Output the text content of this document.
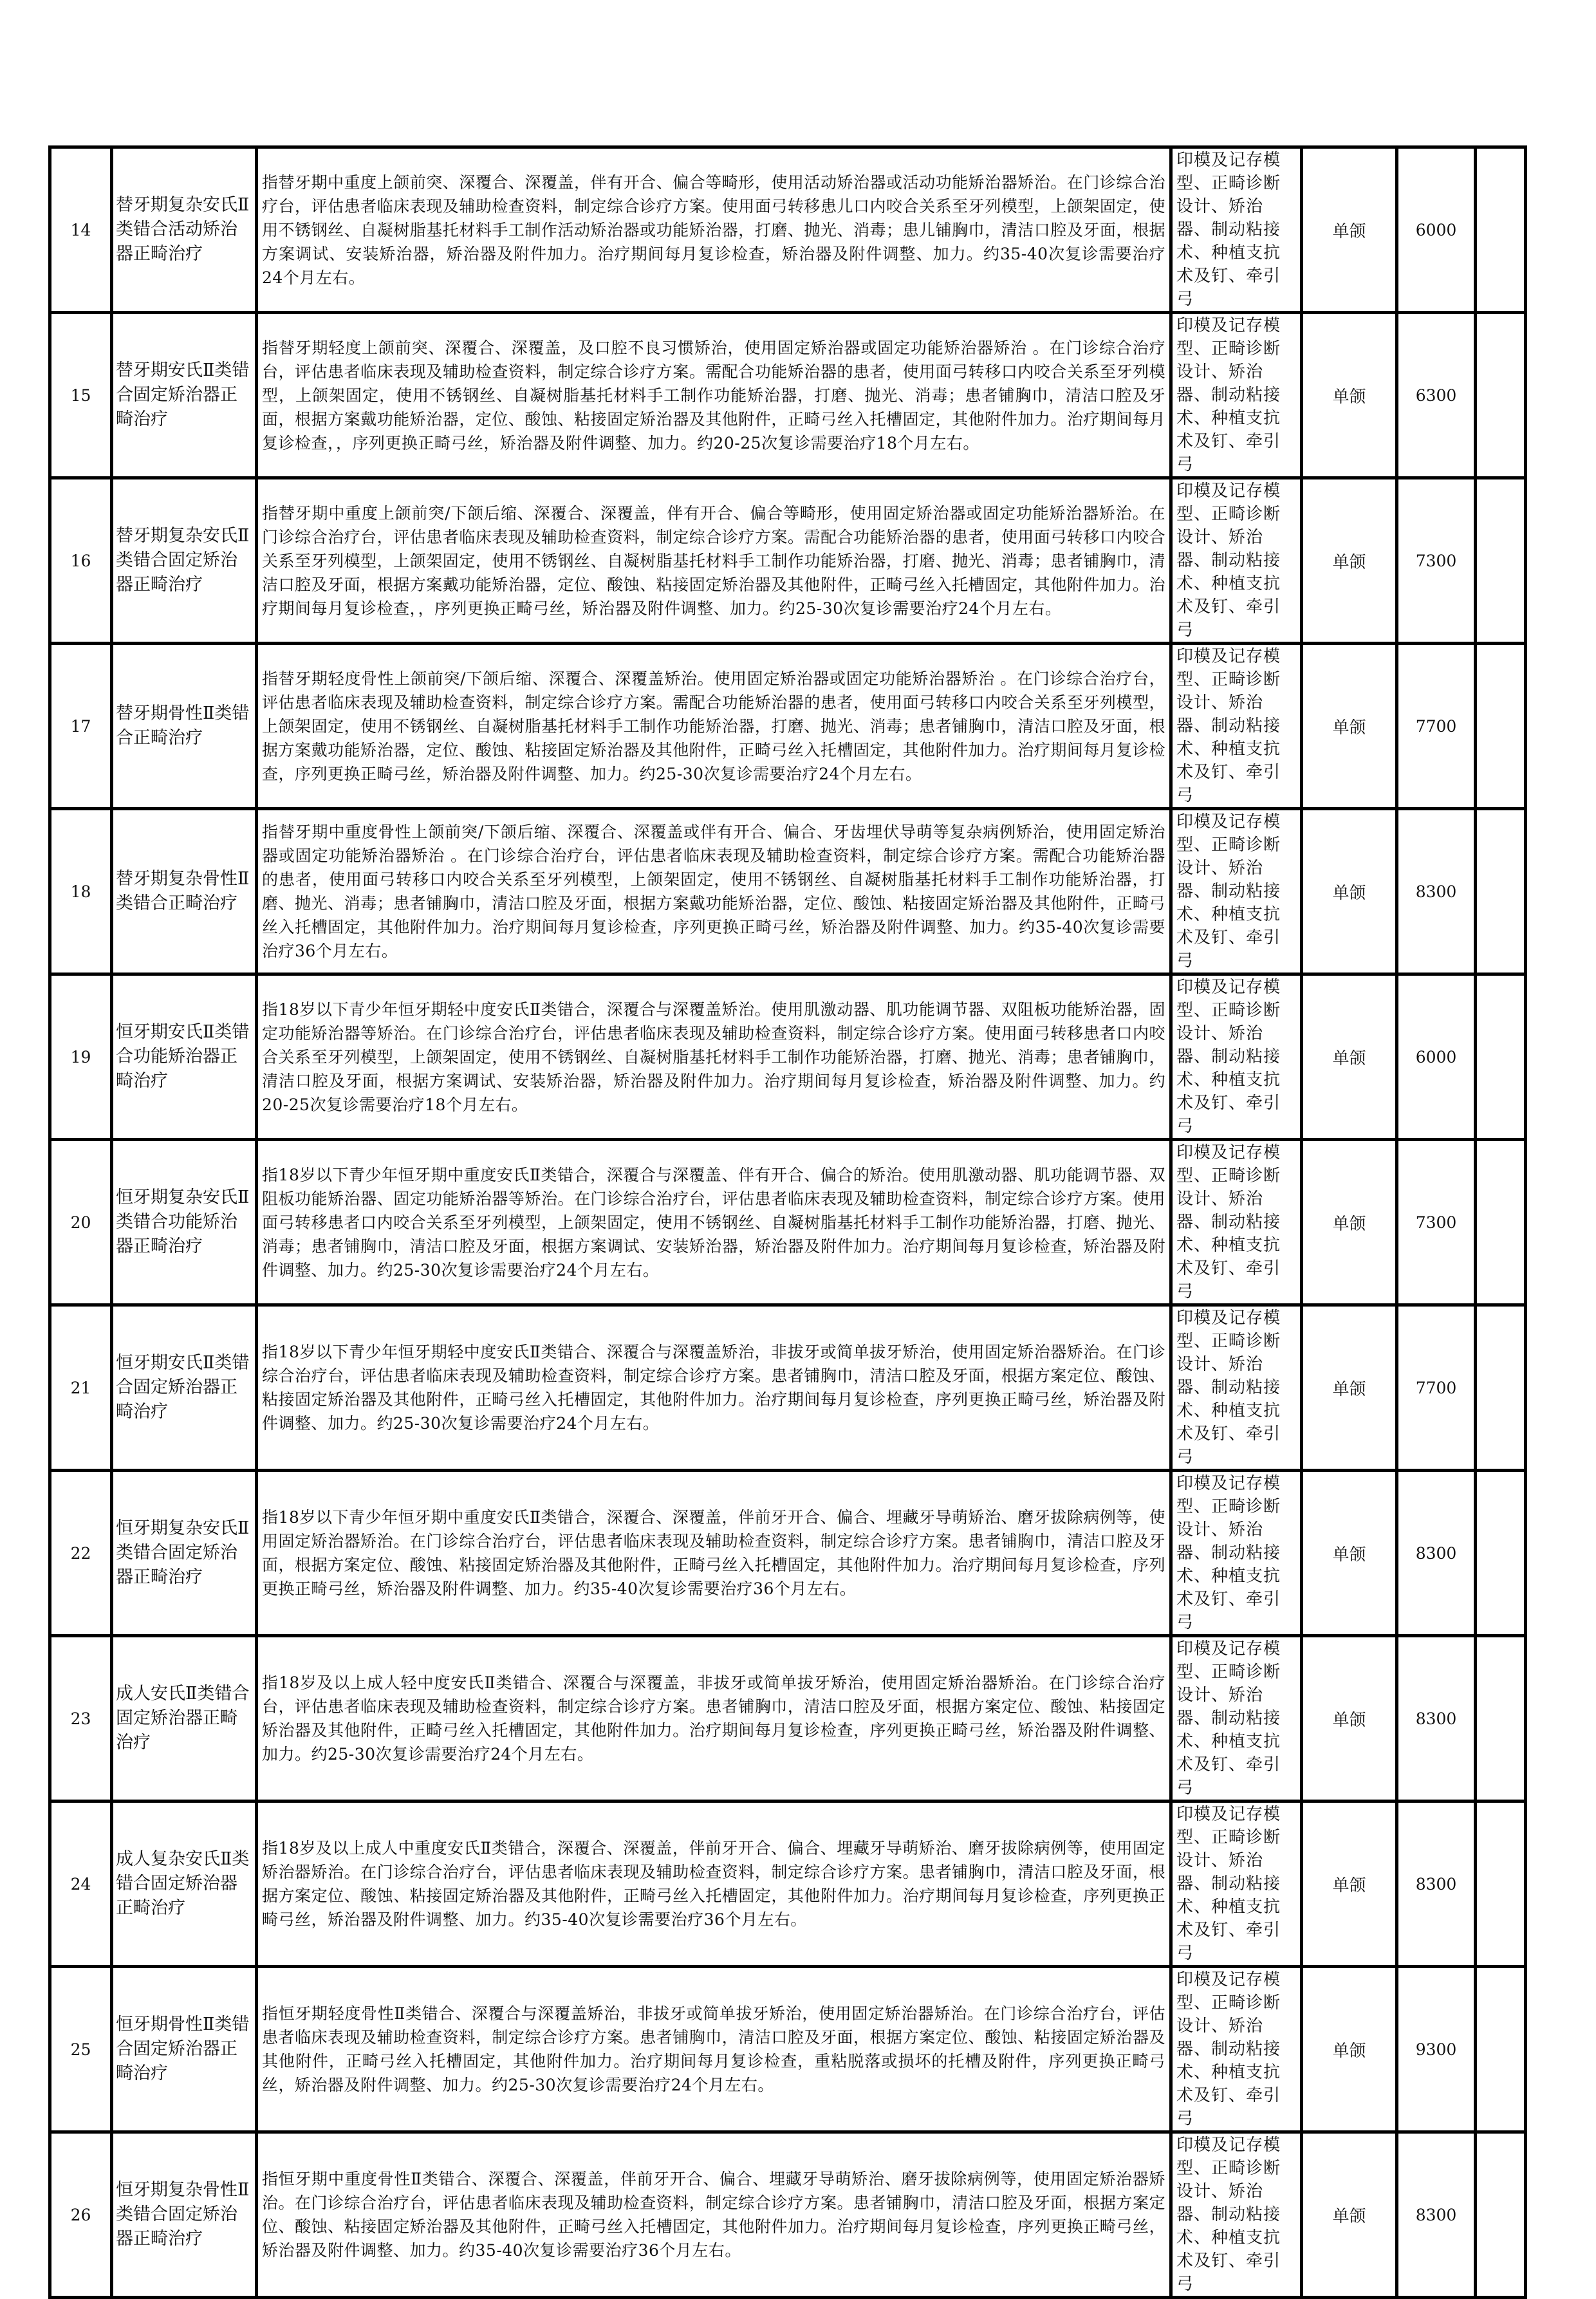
14	替牙期复杂安氏Ⅱ类错合活动矫治器正畸治疗	指替牙期中重度上颌前突、深覆合、深覆盖，伴有开合、偏合等畸形，使用活动矫治器或活动功能矫治器矫治。在门诊综合治疗台，评估患者临床表现及辅助检查资料，制定综合诊疗方案。使用面弓转移患儿口内咬合关系至牙列模型，上颌架固定，使用不锈钢丝、自凝树脂基托材料手工制作活动矫治器或功能矫治器，打磨、抛光、消毒；患儿铺胸巾，清洁口腔及牙面，根据方案调试、安装矫治器，矫治器及附件加力。治疗期间每月复诊检查，矫治器及附件调整、加力。约35-40次复诊需要治疗24个月左右。	印模及记存模型、正畸诊断设计、矫治器、制动粘接术、种植支抗术及钉、牵引弓	单颌	6000	
15	替牙期安氏Ⅱ类错合固定矫治器正畸治疗	指替牙期轻度上颌前突、深覆合、深覆盖，及口腔不良习惯矫治，使用固定矫治器或固定功能矫治器矫治 。在门诊综合治疗台，评估患者临床表现及辅助检查资料，制定综合诊疗方案。需配合功能矫治器的患者，使用面弓转移口内咬合关系至牙列模型，上颌架固定，使用不锈钢丝、自凝树脂基托材料手工制作功能矫治器，打磨、抛光、消毒；患者铺胸巾，清洁口腔及牙面，根据方案戴功能矫治器，定位、酸蚀、粘接固定矫治器及其他附件，正畸弓丝入托槽固定，其他附件加力。治疗期间每月复诊检查，，序列更换正畸弓丝，矫治器及附件调整、加力。约20-25次复诊需要治疗18个月左右。	印模及记存模型、正畸诊断设计、矫治器、制动粘接术、种植支抗术及钉、牵引弓	单颌	6300	
16	替牙期复杂安氏Ⅱ类错合固定矫治器正畸治疗	指替牙期中重度上颌前突/下颌后缩、深覆合、深覆盖，伴有开合、偏合等畸形，使用固定矫治器或固定功能矫治器矫治。在门诊综合治疗台，评估患者临床表现及辅助检查资料，制定综合诊疗方案。需配合功能矫治器的患者，使用面弓转移口内咬合关系至牙列模型，上颌架固定，使用不锈钢丝、自凝树脂基托材料手工制作功能矫治器，打磨、抛光、消毒；患者铺胸巾，清洁口腔及牙面，根据方案戴功能矫治器，定位、酸蚀、粘接固定矫治器及其他附件，正畸弓丝入托槽固定，其他附件加力。治疗期间每月复诊检查，，序列更换正畸弓丝，矫治器及附件调整、加力。约25-30次复诊需要治疗24个月左右。	印模及记存模型、正畸诊断设计、矫治器、制动粘接术、种植支抗术及钉、牵引弓	单颌	7300	
17	替牙期骨性Ⅱ类错合正畸治疗	指替牙期轻度骨性上颌前突/下颌后缩、深覆合、深覆盖矫治。使用固定矫治器或固定功能矫治器矫治 。在门诊综合治疗台，评估患者临床表现及辅助检查资料，制定综合诊疗方案。需配合功能矫治器的患者，使用面弓转移口内咬合关系至牙列模型，上颌架固定，使用不锈钢丝、自凝树脂基托材料手工制作功能矫治器，打磨、抛光、消毒；患者铺胸巾，清洁口腔及牙面，根据方案戴功能矫治器，定位、酸蚀、粘接固定矫治器及其他附件，正畸弓丝入托槽固定，其他附件加力。治疗期间每月复诊检查，序列更换正畸弓丝，矫治器及附件调整、加力。约25-30次复诊需要治疗24个月左右。	印模及记存模型、正畸诊断设计、矫治器、制动粘接术、种植支抗术及钉、牵引弓	单颌	7700	
18	替牙期复杂骨性Ⅱ类错合正畸治疗	指替牙期中重度骨性上颌前突/下颌后缩、深覆合、深覆盖或伴有开合、偏合、牙齿埋伏导萌等复杂病例矫治，使用固定矫治器或固定功能矫治器矫治 。在门诊综合治疗台，评估患者临床表现及辅助检查资料，制定综合诊疗方案。需配合功能矫治器的患者，使用面弓转移口内咬合关系至牙列模型，上颌架固定，使用不锈钢丝、自凝树脂基托材料手工制作功能矫治器，打磨、抛光、消毒；患者铺胸巾，清洁口腔及牙面，根据方案戴功能矫治器，定位、酸蚀、粘接固定矫治器及其他附件，正畸弓丝入托槽固定，其他附件加力。治疗期间每月复诊检查，序列更换正畸弓丝，矫治器及附件调整、加力。约35-40次复诊需要治疗36个月左右。	印模及记存模型、正畸诊断设计、矫治器、制动粘接术、种植支抗术及钉、牵引弓	单颌	8300	
19	恒牙期安氏Ⅱ类错合功能矫治器正畸治疗	指18岁以下青少年恒牙期轻中度安氏Ⅱ类错合，深覆合与深覆盖矫治。使用肌激动器、肌功能调节器、双阻板功能矫治器，固定功能矫治器等矫治。在门诊综合治疗台，评估患者临床表现及辅助检查资料，制定综合诊疗方案。使用面弓转移患者口内咬合关系至牙列模型，上颌架固定，使用不锈钢丝、自凝树脂基托材料手工制作功能矫治器，打磨、抛光、消毒；患者铺胸巾，清洁口腔及牙面，根据方案调试、安装矫治器，矫治器及附件加力。治疗期间每月复诊检查，矫治器及附件调整、加力。约20-25次复诊需要治疗18个月左右。	印模及记存模型、正畸诊断设计、矫治器、制动粘接术、种植支抗术及钉、牵引弓	单颌	6000	
20	恒牙期复杂安氏Ⅱ类错合功能矫治器正畸治疗	指18岁以下青少年恒牙期中重度安氏Ⅱ类错合，深覆合与深覆盖、伴有开合、偏合的矫治。使用肌激动器、肌功能调节器、双阻板功能矫治器、固定功能矫治器等矫治。在门诊综合治疗台，评估患者临床表现及辅助检查资料，制定综合诊疗方案。使用面弓转移患者口内咬合关系至牙列模型，上颌架固定，使用不锈钢丝、自凝树脂基托材料手工制作功能矫治器，打磨、抛光、消毒；患者铺胸巾，清洁口腔及牙面，根据方案调试、安装矫治器，矫治器及附件加力。治疗期间每月复诊检查，矫治器及附件调整、加力。约25-30次复诊需要治疗24个月左右。	印模及记存模型、正畸诊断设计、矫治器、制动粘接术、种植支抗术及钉、牵引弓	单颌	7300	
21	恒牙期安氏Ⅱ类错合固定矫治器正畸治疗	指18岁以下青少年恒牙期轻中度安氏Ⅱ类错合、深覆合与深覆盖矫治，非拔牙或简单拔牙矫治，使用固定矫治器矫治。在门诊综合治疗台，评估患者临床表现及辅助检查资料，制定综合诊疗方案。患者铺胸巾，清洁口腔及牙面，根据方案定位、酸蚀、粘接固定矫治器及其他附件，正畸弓丝入托槽固定，其他附件加力。治疗期间每月复诊检查，序列更换正畸弓丝，矫治器及附件调整、加力。约25-30次复诊需要治疗24个月左右。	印模及记存模型、正畸诊断设计、矫治器、制动粘接术、种植支抗术及钉、牵引弓	单颌	7700	
22	恒牙期复杂安氏Ⅱ类错合固定矫治器正畸治疗	指18岁以下青少年恒牙期中重度安氏Ⅱ类错合，深覆合、深覆盖，伴前牙开合、偏合、埋藏牙导萌矫治、磨牙拔除病例等，使用固定矫治器矫治。在门诊综合治疗台，评估患者临床表现及辅助检查资料，制定综合诊疗方案。患者铺胸巾，清洁口腔及牙面，根据方案定位、酸蚀、粘接固定矫治器及其他附件，正畸弓丝入托槽固定，其他附件加力。治疗期间每月复诊检查，序列更换正畸弓丝，矫治器及附件调整、加力。约35-40次复诊需要治疗36个月左右。	印模及记存模型、正畸诊断设计、矫治器、制动粘接术、种植支抗术及钉、牵引弓	单颌	8300	
23	成人安氏Ⅱ类错合固定矫治器正畸治疗	指18岁及以上成人轻中度安氏Ⅱ类错合、深覆合与深覆盖，非拔牙或简单拔牙矫治，使用固定矫治器矫治。在门诊综合治疗台，评估患者临床表现及辅助检查资料，制定综合诊疗方案。患者铺胸巾，清洁口腔及牙面，根据方案定位、酸蚀、粘接固定矫治器及其他附件，正畸弓丝入托槽固定，其他附件加力。治疗期间每月复诊检查，序列更换正畸弓丝，矫治器及附件调整、加力。约25-30次复诊需要治疗24个月左右。	印模及记存模型、正畸诊断设计、矫治器、制动粘接术、种植支抗术及钉、牵引弓	单颌	8300	
24	成人复杂安氏Ⅱ类错合固定矫治器正畸治疗	指18岁及以上成人中重度安氏Ⅱ类错合，深覆合、深覆盖，伴前牙开合、偏合、埋藏牙导萌矫治、磨牙拔除病例等，使用固定矫治器矫治。在门诊综合治疗台，评估患者临床表现及辅助检查资料，制定综合诊疗方案。患者铺胸巾，清洁口腔及牙面，根据方案定位、酸蚀、粘接固定矫治器及其他附件，正畸弓丝入托槽固定，其他附件加力。治疗期间每月复诊检查，序列更换正畸弓丝，矫治器及附件调整、加力。约35-40次复诊需要治疗36个月左右。	印模及记存模型、正畸诊断设计、矫治器、制动粘接术、种植支抗术及钉、牵引弓	单颌	8300	
25	恒牙期骨性Ⅱ类错合固定矫治器正畸治疗	指恒牙期轻度骨性Ⅱ类错合、深覆合与深覆盖矫治，非拔牙或简单拔牙矫治，使用固定矫治器矫治。在门诊综合治疗台，评估患者临床表现及辅助检查资料，制定综合诊疗方案。患者铺胸巾，清洁口腔及牙面，根据方案定位、酸蚀、粘接固定矫治器及其他附件，正畸弓丝入托槽固定，其他附件加力。治疗期间每月复诊检查，重粘脱落或损坏的托槽及附件，序列更换正畸弓丝，矫治器及附件调整、加力。约25-30次复诊需要治疗24个月左右。	印模及记存模型、正畸诊断设计、矫治器、制动粘接术、种植支抗术及钉、牵引弓	单颌	9300	
26	恒牙期复杂骨性Ⅱ类错合固定矫治器正畸治疗	指恒牙期中重度骨性Ⅱ类错合、深覆合、深覆盖，伴前牙开合、偏合、埋藏牙导萌矫治、磨牙拔除病例等，使用固定矫治器矫治。在门诊综合治疗台，评估患者临床表现及辅助检查资料，制定综合诊疗方案。患者铺胸巾，清洁口腔及牙面，根据方案定位、酸蚀、粘接固定矫治器及其他附件，正畸弓丝入托槽固定，其他附件加力。治疗期间每月复诊检查，序列更换正畸弓丝，矫治器及附件调整、加力。约35-40次复诊需要治疗36个月左右。	印模及记存模型、正畸诊断设计、矫治器、制动粘接术、种植支抗术及钉、牵引弓	单颌	8300	
